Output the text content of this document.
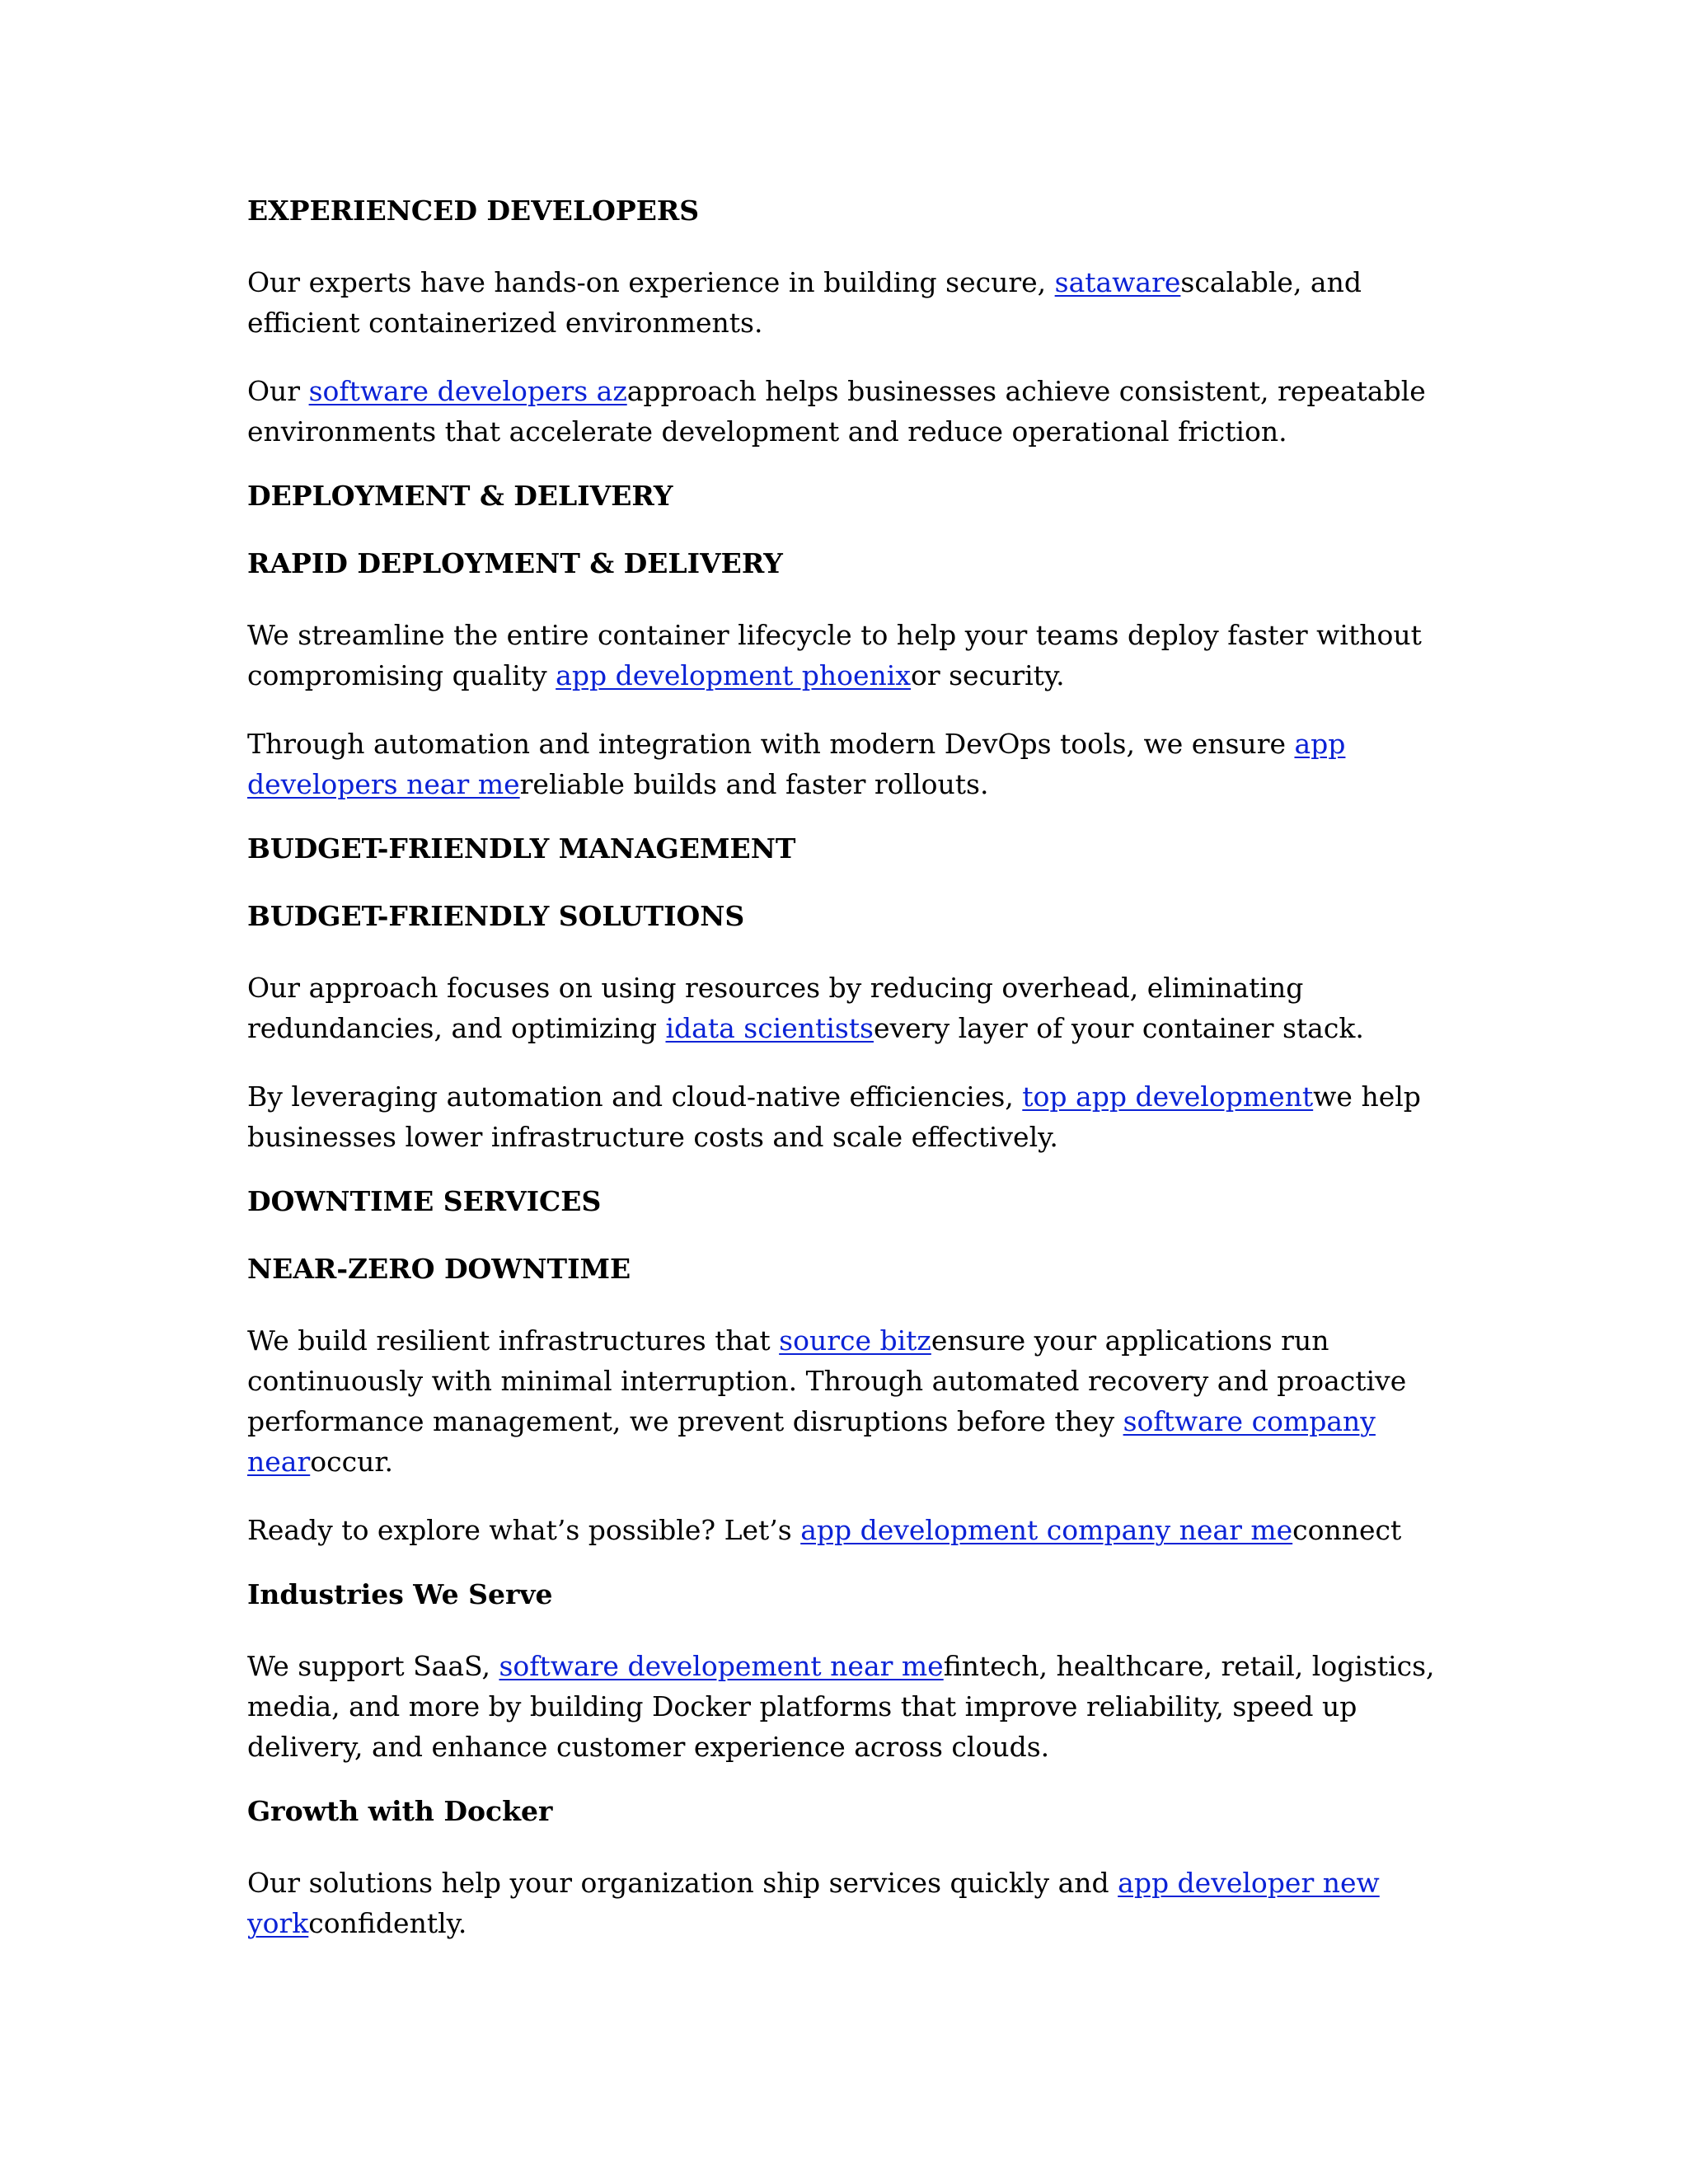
EXPERIENCED DEVELOPERS
Our experts have hands-on experience in building secure, satawarescalable, and efficient containerized environments.
Our software developers azapproach helps businesses achieve consistent, repeatable environments that accelerate development and reduce operational friction.
DEPLOYMENT & DELIVERY
RAPID DEPLOYMENT & DELIVERY
We streamline the entire container lifecycle to help your teams deploy faster without compromising quality app development phoenixor security.
Through automation and integration with modern DevOps tools, we ensure app developers near mereliable builds and faster rollouts.
BUDGET-FRIENDLY MANAGEMENT
BUDGET-FRIENDLY SOLUTIONS
Our approach focuses on using resources by reducing overhead, eliminating redundancies, and optimizing idata scientistsevery layer of your container stack.
By leveraging automation and cloud-native efficiencies, top app developmentwe help businesses lower infrastructure costs and scale effectively.
DOWNTIME SERVICES
NEAR-ZERO DOWNTIME
We build resilient infrastructures that source bitzensure your applications run continuously with minimal interruption. Through automated recovery and proactive performance management, we prevent disruptions before they software company nearoccur.
Ready to explore what’s possible? Let’s app development company near meconnect
Industries We Serve
We support SaaS, software developement near mefintech, healthcare, retail, logistics, media, and more by building Docker platforms that improve reliability, speed up delivery, and enhance customer experience across clouds.
Growth with Docker
Our solutions help your organization ship services quickly and app developer new yorkconfidently.
